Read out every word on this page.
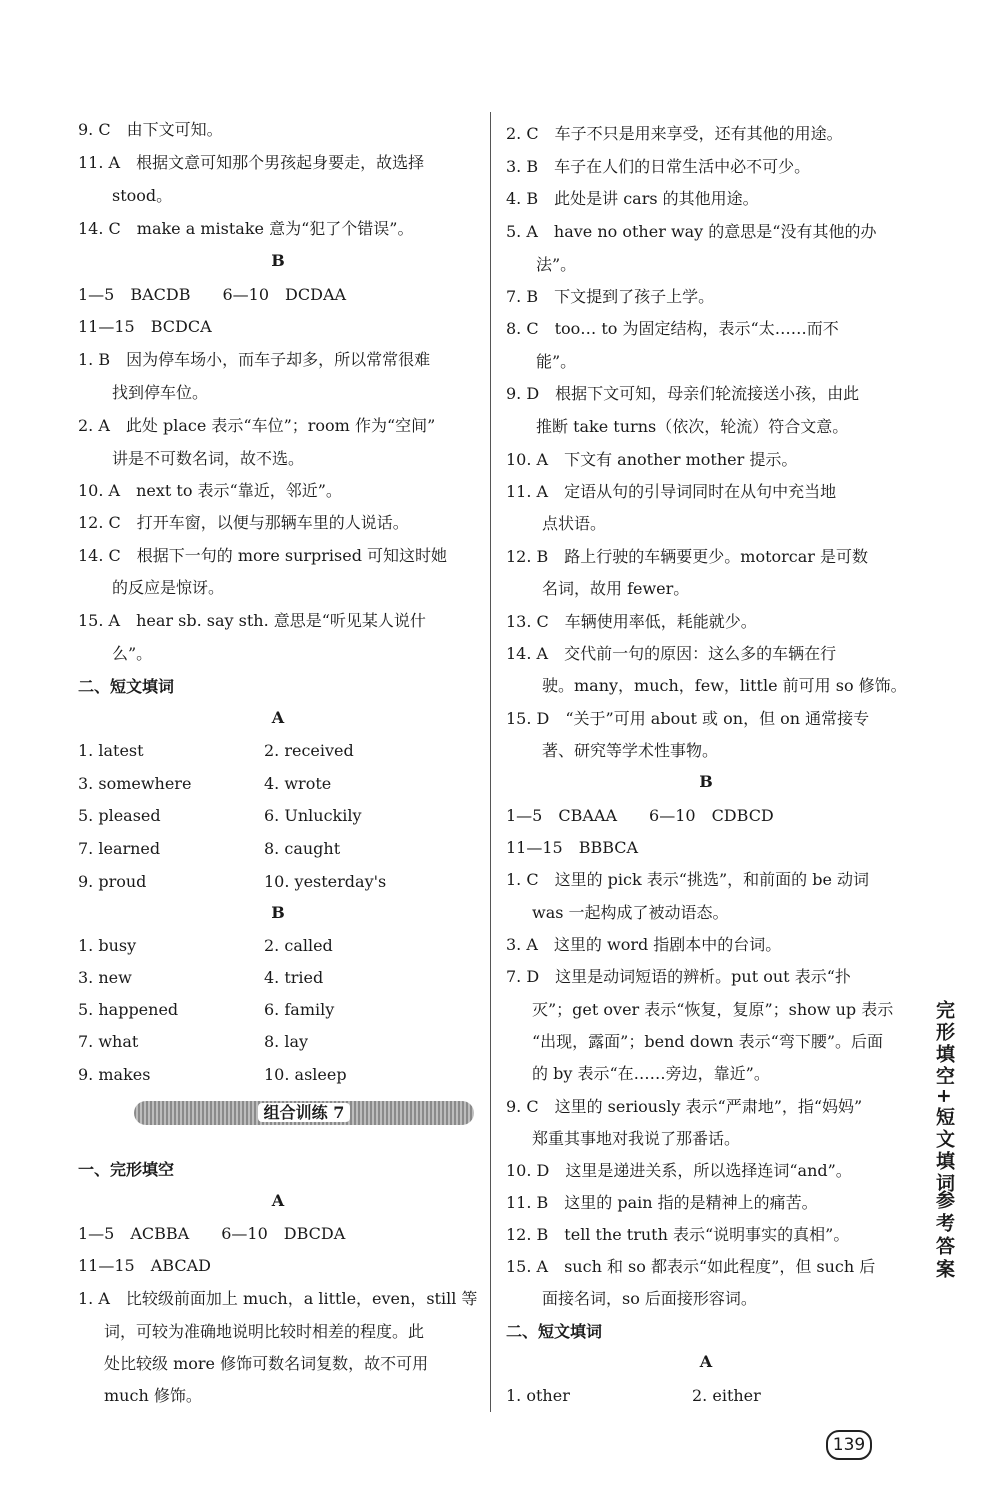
9. C　由下文可知。
11. A　根据文意可知那个男孩起身要走，故选择
stood。
14. C　make a mistake 意为“犯了个错误”。
B
1—5　BACDB　　6—10　DCDAA
11—15　BCDCA
1. B　因为停车场小，而车子却多，所以常常很难
找到停车位。
2. A　此处 place 表示“车位”；room 作为“空间”
讲是不可数名词，故不选。
10. A　next to 表示“靠近，邻近”。
12. C　打开车窗，以便与那辆车里的人说话。
14. C　根据下一句的 more surprised 可知这时她
的反应是惊讶。
15. A　hear sb. say sth. 意思是“听见某人说什
么”。
二、短文填词
A
1. latest	2. received
3. somewhere	4. wrote
5. pleased	6. Unluckily
7. learned	8. caught
9. proud	10. yesterday's
B
1. busy	2. called
3. new	4. tried
5. happened	6. family
7. what	8. lay
9. makes	10. asleep
一、完形填空
A
1—5　ACBBA　　6—10　DBCDA
11—15　ABCAD
1. A　比较级前面加上 much，a little，even，still 等
词，可较为准确地说明比较时相差的程度。此
处比较级 more 修饰可数名词复数，故不可用
much 修饰。
组合训练 7
2. C　车子不只是用来享受，还有其他的用途。
3. B　车子在人们的日常生活中必不可少。
4. B　此处是讲 cars 的其他用途。
5. A　have no other way 的意思是“没有其他的办
法”。
7. B　下文提到了孩子上学。
8. C　too… to 为固定结构，表示“太……而不
能”。
9. D　根据下文可知，母亲们轮流接送小孩，由此
推断 take turns（依次，轮流）符合文意。
10. A　下文有 another mother 提示。
11. A　定语从句的引导词同时在从句中充当地
点状语。
12. B　路上行驶的车辆要更少。motorcar 是可数
名词，故用 fewer。
13. C　车辆使用率低，耗能就少。
14. A　交代前一句的原因：这么多的车辆在行
驶。many，much，few，little 前可用 so 修饰。
15. D　“关于”可用 about 或 on，但 on 通常接专
著、研究等学术性事物。
B
1—5　CBAAA　　6—10　CDBCD
11—15　BBBCA
1. C　这里的 pick 表示“挑选”，和前面的 be 动词
was 一起构成了被动语态。
3. A　这里的 word 指剧本中的台词。
7. D　这里是动词短语的辨析。put out 表示“扑
灭”；get over 表示“恢复，复原”；show up 表示
“出现，露面”；bend down 表示“弯下腰”。后面
的 by 表示“在……旁边，靠近”。
9. C　这里的 seriously 表示“严肃地”，指“妈妈”
郑重其事地对我说了那番话。
10. D　这里是递进关系，所以选择连词“and”。
11. B　这里的 pain 指的是精神上的痛苦。
12. B　tell the truth 表示“说明事实的真相”。
15. A　such 和 so 都表示“如此程度”，但 such 后
面接名词，so 后面接形容词。
二、短文填词
A
1. other	2. either
完形填空+短文填词
参考答案
139
